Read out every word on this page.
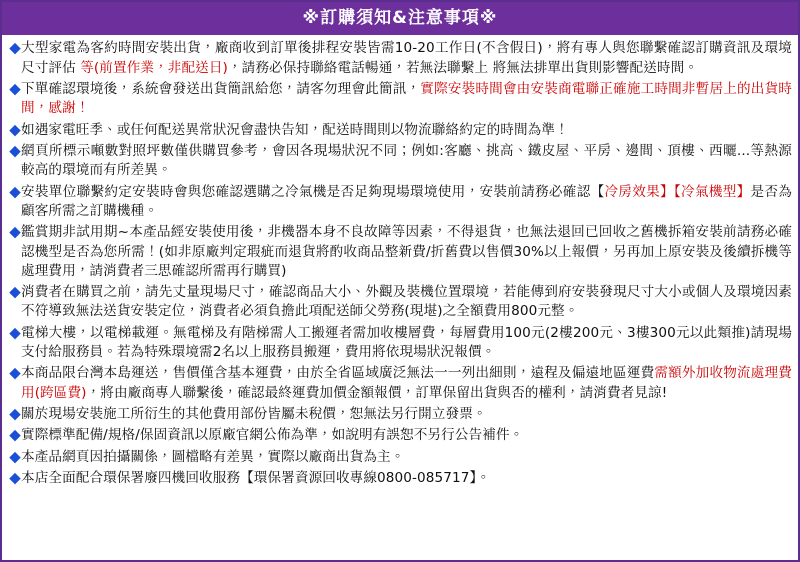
※訂購須知&注意事項※
◆ 大型家電為客約時間安裝出貨，廠商收到訂單後排程安裝皆需10-20工作日(不含假日)，將有專人與您聯繫確認訂購資訊及環境尺寸評估 等(前置作業，非配送日)，請務必保持聯絡電話暢通，若無法聯繫上 將無法排單出貨則影響配送時間。
◆ 下單確認環境後，系統會發送出貨簡訊給您，請客勿理會此簡訊，實際安裝時間會由安裝商電聯正確施工時間非暫居上的出貨時間，感謝！
◆ 如遇家電旺季、或任何配送異常狀況會盡快告知，配送時間則以物流聯絡約定的時間為準！
◆ 網頁所標示噸數對照坪數僅供購買參考，會因各現場狀況不同；例如:客廳、挑高、鐵皮屋、平房、邊間、頂樓、西曬...等熱源較高的環境而有所差異。
◆ 安裝單位聯繫約定安裝時會與您確認選購之冷氣機是否足夠現場環境使用，安裝前請務必確認【冷房效果】【冷氣機型】是否為顧客所需之訂購機種。
◆ 鑑賞期非試用期~本產品經安裝使用後，非機器本身不良故障等因素，不得退貨，也無法退回已回收之舊機拆箱安裝前請務必確認機型是否為您所需！(如非原廠判定瑕疵而退貨將酌收商品整新費/折舊費以售價30%以上報價，另再加上原安裝及後續拆機等處理費用，請消費者三思確認所需再行購買)
◆ 消費者在購買之前，請先丈量現場尺寸，確認商品大小、外觀及裝機位置環境，若能傳到府安裝發現尺寸大小或個人及環境因素不符導致無法送貨安裝定位，消費者必須負擔此項配送師父勞務(現堪)之全額費用800元整。
◆ 電梯大樓，以電梯載運。無電梯及有階梯需人工搬運者需加收樓層費，每層費用100元(2樓200元、3樓300元以此類推)請現場支付給服務員。若為特殊環境需2名以上服務員搬運，費用將依現場狀況報價。
◆ 本商品限台灣本島運送，售價僅含基本運費，由於全省區域廣泛無法一一列出細則，遠程及偏遠地區運費需額外加收物流處理費用(跨區費)，將由廠商專人聯繫後，確認最終運費加價金額報價，訂單保留出貨與否的權利，請消費者見諒!
◆ 關於現場安裝施工所衍生的其他費用部份皆屬未稅價，恕無法另行開立發票。
◆ 實際標準配備/規格/保固資訊以原廠官網公佈為準，如說明有誤恕不另行公告補件。
◆ 本產品網頁因拍攝關係，圖檔略有差異，實際以廠商出貨為主。
◆ 本店全面配合環保署廢四機回收服務【環保署資源回收專線0800-085717】。
